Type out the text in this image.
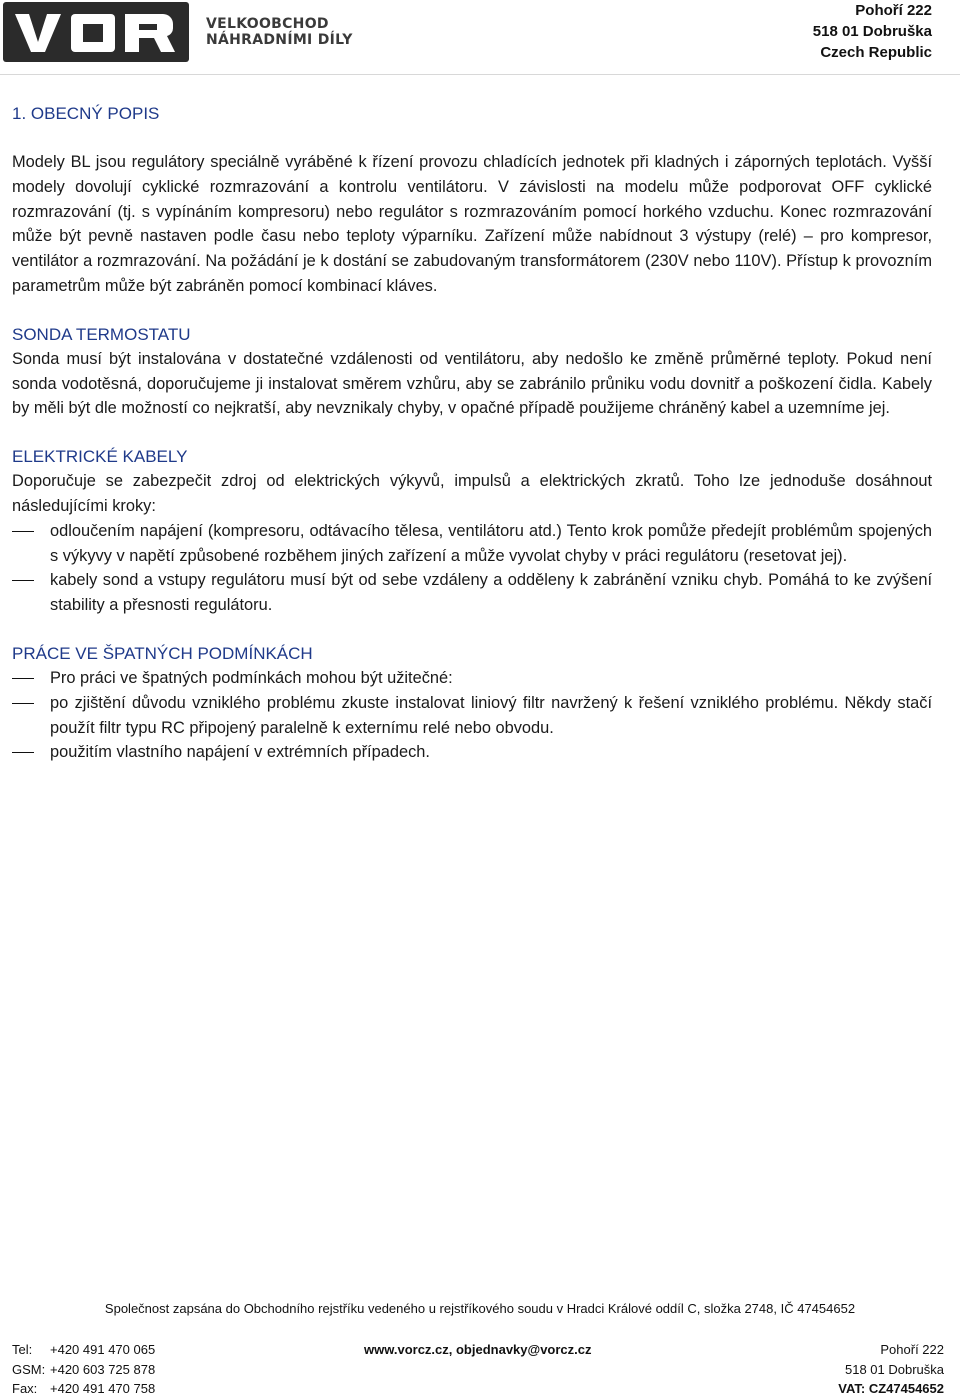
VELKOOBCHOD
NÁHRADNÍMI DÍLY
Pohoří 222
518 01 Dobruška
Czech Republic
1. OBECNÝ POPIS

Modely BL jsou regulátory speciálně vyráběné k řízení provozu chladících jednotek při kladných i záporných teplotách. Vyšší modely dovolují cyklické rozmrazování a kontrolu ventilátoru. V závislosti na modelu může podporovat OFF cyklické rozmrazování (tj. s vypínáním kompresoru) nebo regulátor s rozmrazováním pomocí horkého vzduchu. Konec rozmrazování může být pevně nastaven podle času nebo teploty výparníku. Zařízení může nabídnout 3 výstupy (relé) – pro kompresor, ventilátor a rozmrazování. Na požádání je k dostání se zabudovaným transformátorem (230V nebo 110V). Přístup k provozním parametrům může být zabráněn pomocí kombinací kláves.

SONDA TERMOSTATU

Sonda musí být instalována v dostatečné vzdálenosti od ventilátoru, aby nedošlo ke změně průměrné teploty. Pokud není sonda vodotěsná, doporučujeme ji instalovat směrem vzhůru, aby se zabránilo průniku vodu dovnitř a poškození čidla. Kabely by měli být dle možností co nejkratší, aby nevznikaly chyby, v opačné případě použijeme chráněný kabel a uzemníme jej.

ELEKTRICKÉ KABELY

Doporučuje se zabezpečit zdroj od elektrických výkyvů, impulsů a elektrických zkratů. Toho lze jednoduše dosáhnout následujícími kroky:

odloučením napájení (kompresoru, odtávacího tělesa, ventilátoru atd.) Tento krok pomůže předejít problémům spojených s výkyvy v napětí způsobené rozběhem jiných zařízení a může vyvolat chyby v práci regulátoru (resetovat jej).
kabely sond a vstupy regulátoru musí být od sebe vzdáleny a odděleny k zabránění vzniku chyb. Pomáhá to ke zvýšení stability a přesnosti regulátoru.
PRÁCE VE ŠPATNÝCH PODMÍNKÁCH
Pro práci ve špatných podmínkách mohou být užitečné:
po zjištění důvodu vzniklého problému zkuste instalovat liniový filtr navržený k řešení vzniklého problému. Někdy stačí použít filtr typu RC připojený paralelně k externímu relé nebo obvodu.
použitím vlastního napájení v extrémních případech.
Společnost zapsána do Obchodního rejstříku vedeného u rejstříkového soudu v Hradci Králové oddíl C, složka 2748, IČ 47454652
Tel: +420 491 470 065
GSM: +420 603 725 878
Fax: +420 491 470 758
www.vorcz.cz, objednavky@vorcz.cz	Pohoří 222
518 01 Dobruška
VAT: CZ47454652
